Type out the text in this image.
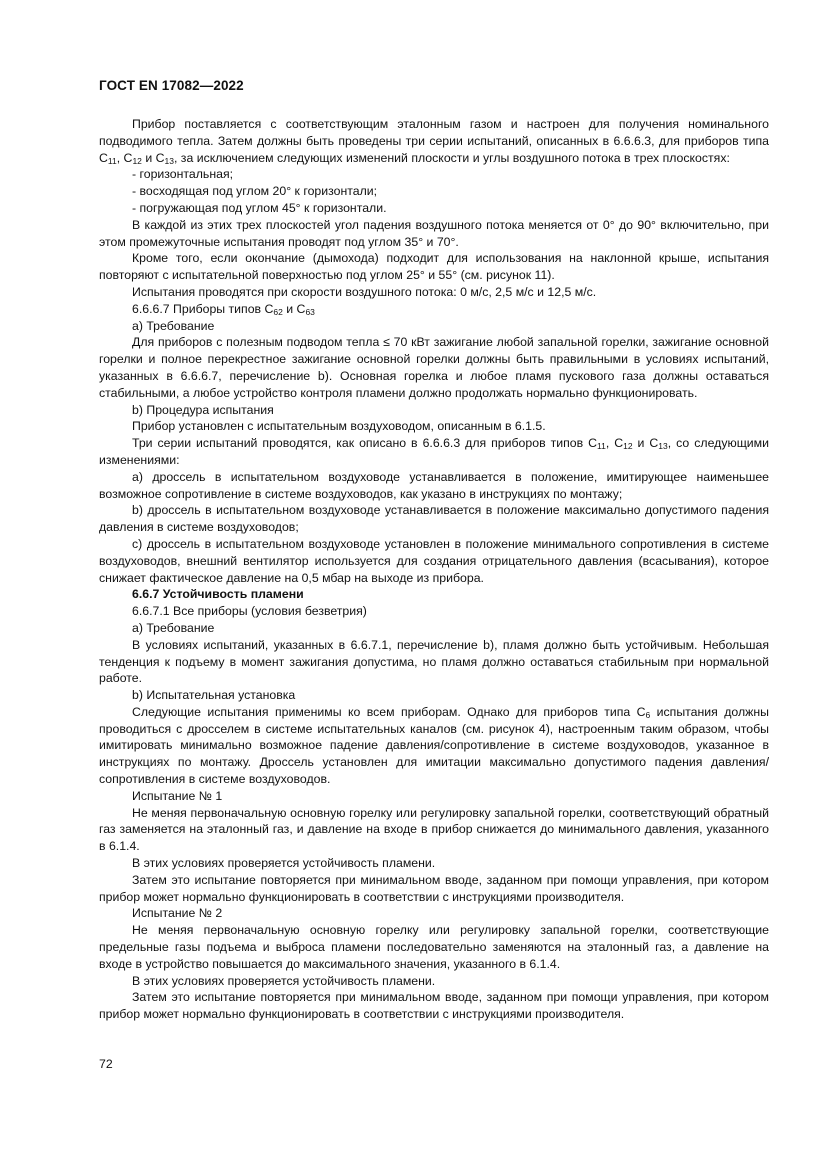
ГОСТ EN 17082—2022

Прибор поставляется с соответствующим эталонным газом и настроен для получения номинального подводимого тепла. Затем должны быть проведены три серии испытаний, описанных в 6.6.6.3, для приборов типа $C_{11}$, $C_{12}$ и $C_{13}$, за исключением следующих изменений плоскости и углы воздушного потока в трех плоскостях:

- горизонтальная;

- восходящая под углом 20° к горизонтали;

- погружающая под углом 45° к горизонтали.

В каждой из этих трех плоскостей угол падения воздушного потока меняется от 0° до 90° включительно, при этом промежуточные испытания проводят под углом 35° и 70°.

Кроме того, если окончание (дымохода) подходит для использования на наклонной крыше, испытания повторяют с испытательной поверхностью под углом 25° и 55° (см. рисунок 11).

Испытания проводятся при скорости воздушного потока: 0 м/с, 2,5 м/с и 12,5 м/с.

6.6.6.7 Приборы типов $C_{62}$ и $C_{63}$

a) Требование

Для приборов с полезным подводом тепла ≤ 70 кВт зажигание любой запальной горелки, зажигание основной горелки и полное перекрестное зажигание основной горелки должны быть правильными в условиях испытаний, указанных в 6.6.6.7, перечисление b). Основная горелка и любое пламя пускового газа должны оставаться стабильными, а любое устройство контроля пламени должно продолжать нормально функционировать.

b) Процедура испытания

Прибор установлен с испытательным воздуховодом, описанным в 6.1.5.

Три серии испытаний проводятся, как описано в 6.6.6.3 для приборов типов $C_{11}$, $C_{12}$ и $C_{13}$, со следующими изменениями:

a) дроссель в испытательном воздуховоде устанавливается в положение, имитирующее наименьшее возможное сопротивление в системе воздуховодов, как указано в инструкциях по монтажу;

b) дроссель в испытательном воздуховоде устанавливается в положение максимально допустимого падения давления в системе воздуховодов;

c) дроссель в испытательном воздуховоде установлен в положение минимального сопротивления в системе воздуховодов, внешний вентилятор используется для создания отрицательного давления (всасывания), которое снижает фактическое давление на 0,5 мбар на выходе из прибора.

6.6.7 Устойчивость пламени

6.6.7.1 Все приборы (условия безветрия)

a) Требование

В условиях испытаний, указанных в 6.6.7.1, перечисление b), пламя должно быть устойчивым. Небольшая тенденция к подъему в момент зажигания допустима, но пламя должно оставаться стабильным при нормальной работе.

b) Испытательная установка

Следующие испытания применимы ко всем приборам. Однако для приборов типа $C_6$ испытания должны проводиться с дросселем в системе испытательных каналов (см. рисунок 4), настроенным таким образом, чтобы имитировать минимально возможное падение давления/сопротивление в системе воздуховодов, указанное в инструкциях по монтажу. Дроссель установлен для имитации максимально допустимого падения давления/сопротивления в системе воздуховодов.

Испытание № 1

Не меняя первоначальную основную горелку или регулировку запальной горелки, соответствующий обратный газ заменяется на эталонный газ, и давление на входе в прибор снижается до минимального давления, указанного в 6.1.4.

В этих условиях проверяется устойчивость пламени.

Затем это испытание повторяется при минимальном вводе, заданном при помощи управления, при котором прибор может нормально функционировать в соответствии с инструкциями производителя.

Испытание № 2

Не меняя первоначальную основную горелку или регулировку запальной горелки, соответствующие предельные газы подъема и выброса пламени последовательно заменяются на эталонный газ, а давление на входе в устройство повышается до максимального значения, указанного в 6.1.4.

В этих условиях проверяется устойчивость пламени.

Затем это испытание повторяется при минимальном вводе, заданном при помощи управления, при котором прибор может нормально функционировать в соответствии с инструкциями производителя.

72
